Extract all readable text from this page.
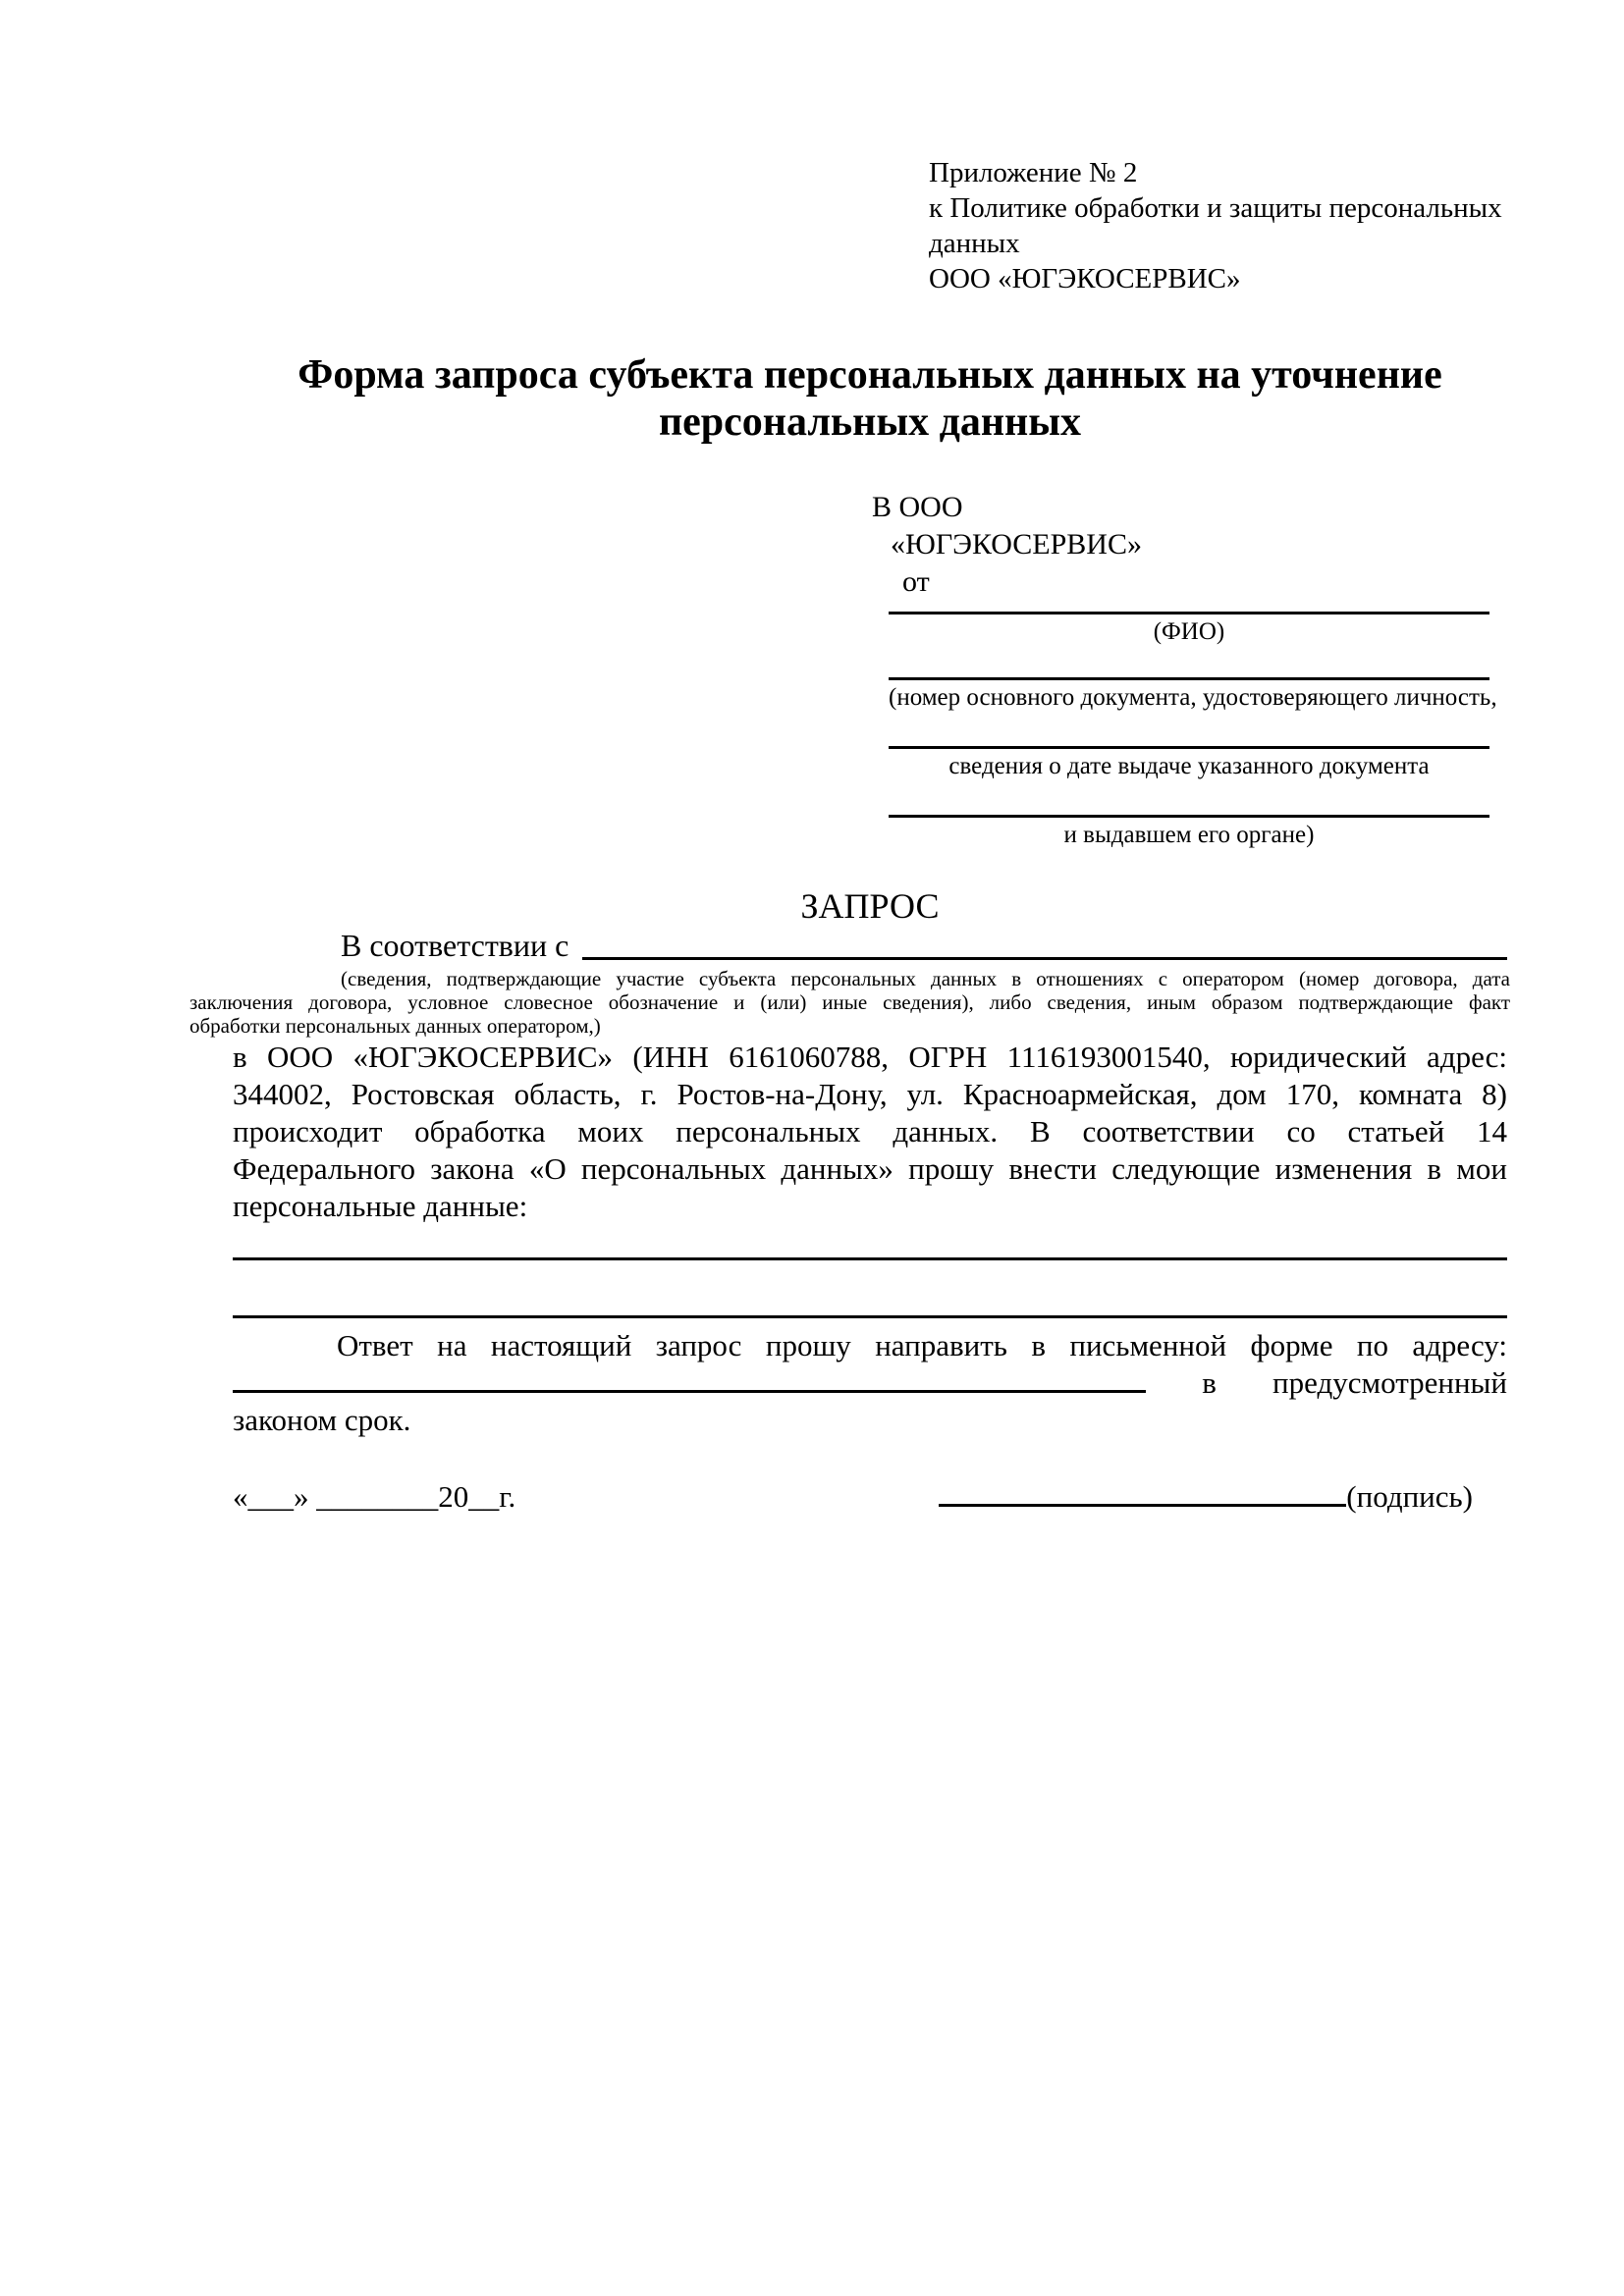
Приложение № 2
к Политике обработки и защиты персональных
данных
ООО «ЮГЭКОСЕРВИС»
Форма запроса субъекта персональных данных на уточнение
персональных данных
В ООО
«ЮГЭКОСЕРВИС»
от
(ФИО)
(номер основного документа, удостоверяющего личность,
сведения о дате выдаче указанного документа
и выдавшем его органе)
ЗАПРОС
В соответствии с
(сведения, подтверждающие участие субъекта персональных данных в отношениях с оператором (номер договора, дата
заключения договора, условное словесное обозначение и (или) иные сведения), либо сведения, иным образом подтверждающие факт
обработки персональных данных оператором,)
в ООО «ЮГЭКОСЕРВИС» (ИНН 6161060788, ОГРН 1116193001540, юридический адрес:
344002, Ростовская область, г. Ростов-на-Дону, ул. Красноармейская, дом 170, комната 8)
происходит обработка моих персональных данных. В соответствии со статьей 14
Федерального закона «О персональных данных» прошу внести следующие изменения в мои
персональные данные:
Ответ на настоящий запрос прошу направить в письменной форме по адресу:
в предусмотренный
законом срок.
«___» ________20__г.	(подпись)
